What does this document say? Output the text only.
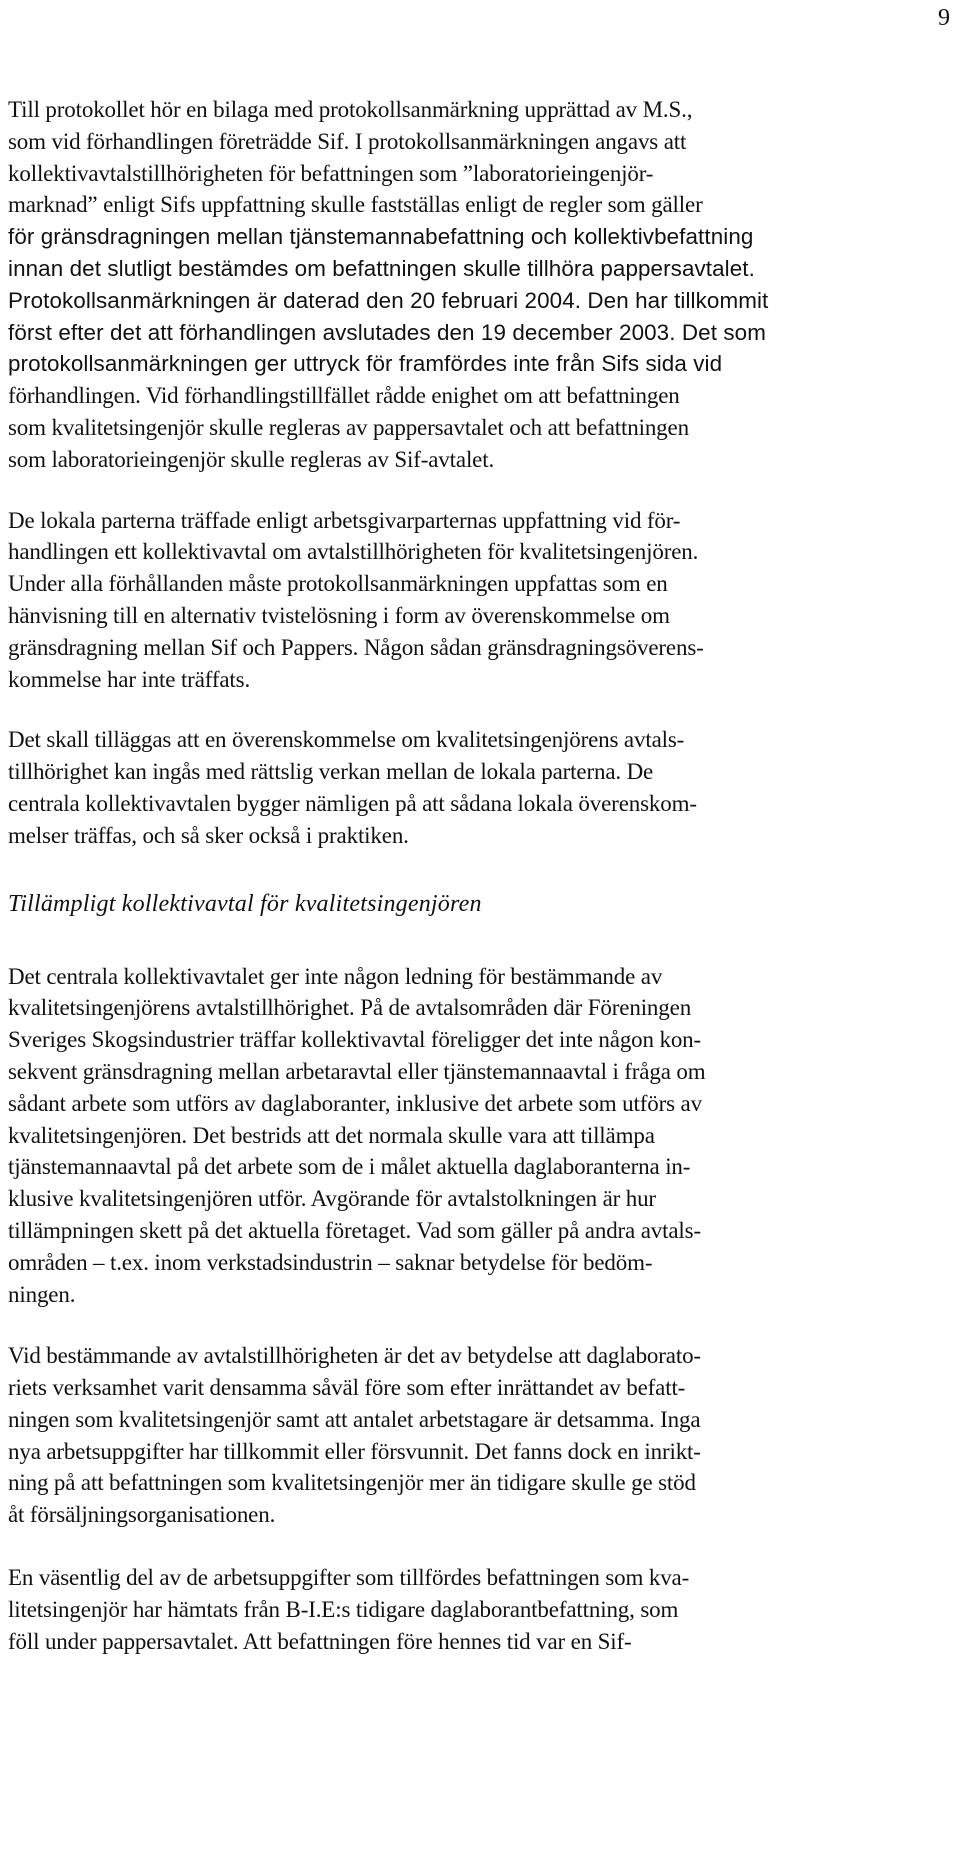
9
Till protokollet hör en bilaga med protokollsanmärkning upprättad av M.S.,
som vid förhandlingen företrädde Sif. I protokollsanmärkningen angavs att
kollektivavtalstillhörigheten för befattningen som ”laboratorieingenjör-
marknad” enligt Sifs uppfattning skulle fastställas enligt de regler som gäller
för gränsdragningen mellan tjänstemannabefattning och kollektivbefattning
innan det slutligt bestämdes om befattningen skulle tillhöra pappersavtalet.
Protokollsanmärkningen är daterad den 20 februari 2004. Den har tillkommit
först efter det att förhandlingen avslutades den 19 december 2003. Det som
protokollsanmärkningen ger uttryck för framfördes inte från Sifs sida vid
förhandlingen. Vid förhandlingstillfället rådde enighet om att befattningen
som kvalitetsingenjör skulle regleras av pappersavtalet och att befattningen
som laboratorieingenjör skulle regleras av Sif-avtalet.
De lokala parterna träffade enligt arbetsgivarparternas uppfattning vid för-
handlingen ett kollektivavtal om avtalstillhörigheten för kvalitetsingenjören.
Under alla förhållanden måste protokollsanmärkningen uppfattas som en
hänvisning till en alternativ tvistelösning i form av överenskommelse om
gränsdragning mellan Sif och Pappers. Någon sådan gränsdragningsöverens-
kommelse har inte träffats.
Det skall tilläggas att en överenskommelse om kvalitetsingenjörens avtals-
tillhörighet kan ingås med rättslig verkan mellan de lokala parterna. De
centrala kollektivavtalen bygger nämligen på att sådana lokala överenskom-
melser träffas, och så sker också i praktiken.
Tillämpligt kollektivavtal för kvalitetsingenjören
Det centrala kollektivavtalet ger inte någon ledning för bestämmande av
kvalitetsingenjörens avtalstillhörighet. På de avtalsområden där Föreningen
Sveriges Skogsindustrier träffar kollektivavtal föreligger det inte någon kon-
sekvent gränsdragning mellan arbetaravtal eller tjänstemannaavtal i fråga om
sådant arbete som utförs av daglaboranter, inklusive det arbete som utförs av
kvalitetsingenjören. Det bestrids att det normala skulle vara att tillämpa
tjänstemannaavtal på det arbete som de i målet aktuella daglaboranterna in-
klusive kvalitetsingenjören utför. Avgörande för avtalstolkningen är hur
tillämpningen skett på det aktuella företaget. Vad som gäller på andra avtals-
områden – t.ex. inom verkstadsindustrin – saknar betydelse för bedöm-
ningen.
Vid bestämmande av avtalstillhörigheten är det av betydelse att daglaborato-
riets verksamhet varit densamma såväl före som efter inrättandet av befatt-
ningen som kvalitetsingenjör samt att antalet arbetstagare är detsamma. Inga
nya arbetsuppgifter har tillkommit eller försvunnit. Det fanns dock en inrikt-
ning på att befattningen som kvalitetsingenjör mer än tidigare skulle ge stöd
åt försäljningsorganisationen.
En väsentlig del av de arbetsuppgifter som tillfördes befattningen som kva-
litetsingenjör har hämtats från B-I.E:s tidigare daglaborantbefattning, som
föll under pappersavtalet. Att befattningen före hennes tid var en Sif-
